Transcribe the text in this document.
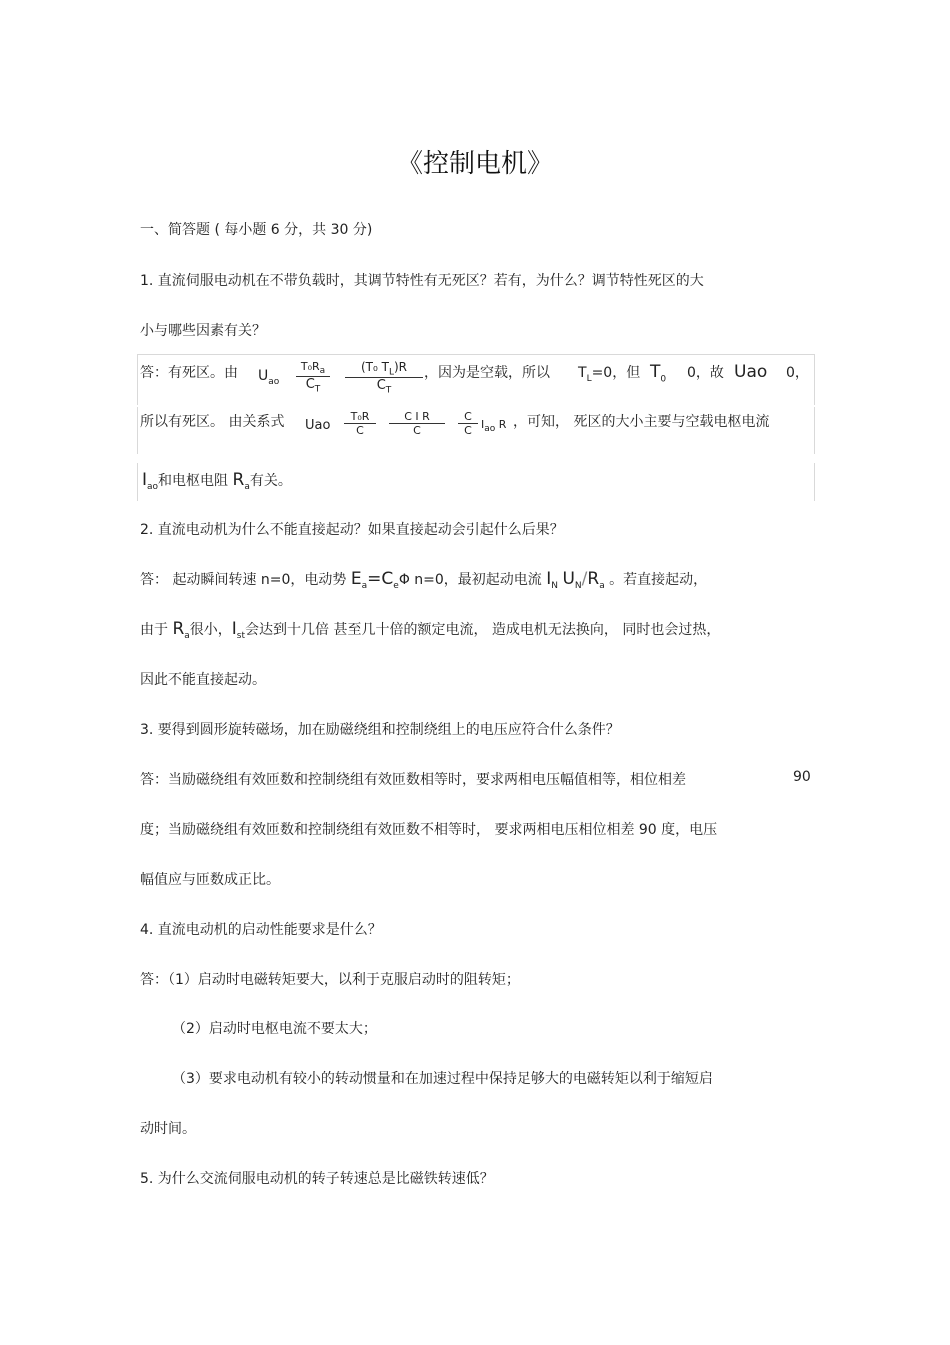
《控制电机》
一、简答题 ( 每小题 6 分，共 30 分)
1. 直流伺服电动机在不带负载时，其调节特性有无死区？若有，为什么？调节特性死区的大
小与哪些因素有关？
答：有死区。由 $U_{ao}$
$T_0R_a$
$C_T$	$\frac{(T_0 T_L)R}{C_T}$ ，因为是空载，所以 $T_L=0$，但 $T_0$ 0，故 Uao 0，
所以有死区。 由关系式 Uao $\frac{\text{T₀R}}{C} \frac{\text{C I R}}{C} \frac{C}{C} I_{ao}$ R ，可知， 死区的大小主要与空载电枢电流
$I_{ao}$和电枢电阻 $R_a$有关。
2. 直流电动机为什么不能直接起动？如果直接起动会引起什么后果？
答： 起动瞬间转速 n=0，电动势 $E_a=C_e\Phi$ n=0，最初起动电流 $I_N$ $U_N/R_a$ 。若直接起动，
由于 $R_a$很小，$I_{st}$会达到十几倍 甚至几十倍的额定电流， 造成电机无法换向， 同时也会过热，
因此不能直接起动。
3. 要得到圆形旋转磁场，加在励磁绕组和控制绕组上的电压应符合什么条件？
答：当励磁绕组有效匝数和控制绕组有效匝数相等时，要求两相电压幅值相等，相位相差	90
度；当励磁绕组有效匝数和控制绕组有效匝数不相等时， 要求两相电压相位相差 90 度，电压
幅值应与匝数成正比。
4. 直流电动机的启动性能要求是什么？
答：（1）启动时电磁转矩要大，以利于克服启动时的阻转矩；
（2）启动时电枢电流不要太大；
（3）要求电动机有较小的转动惯量和在加速过程中保持足够大的电磁转矩以利于缩短启
动时间。
5. 为什么交流伺服电动机的转子转速总是比磁铁转速低？
